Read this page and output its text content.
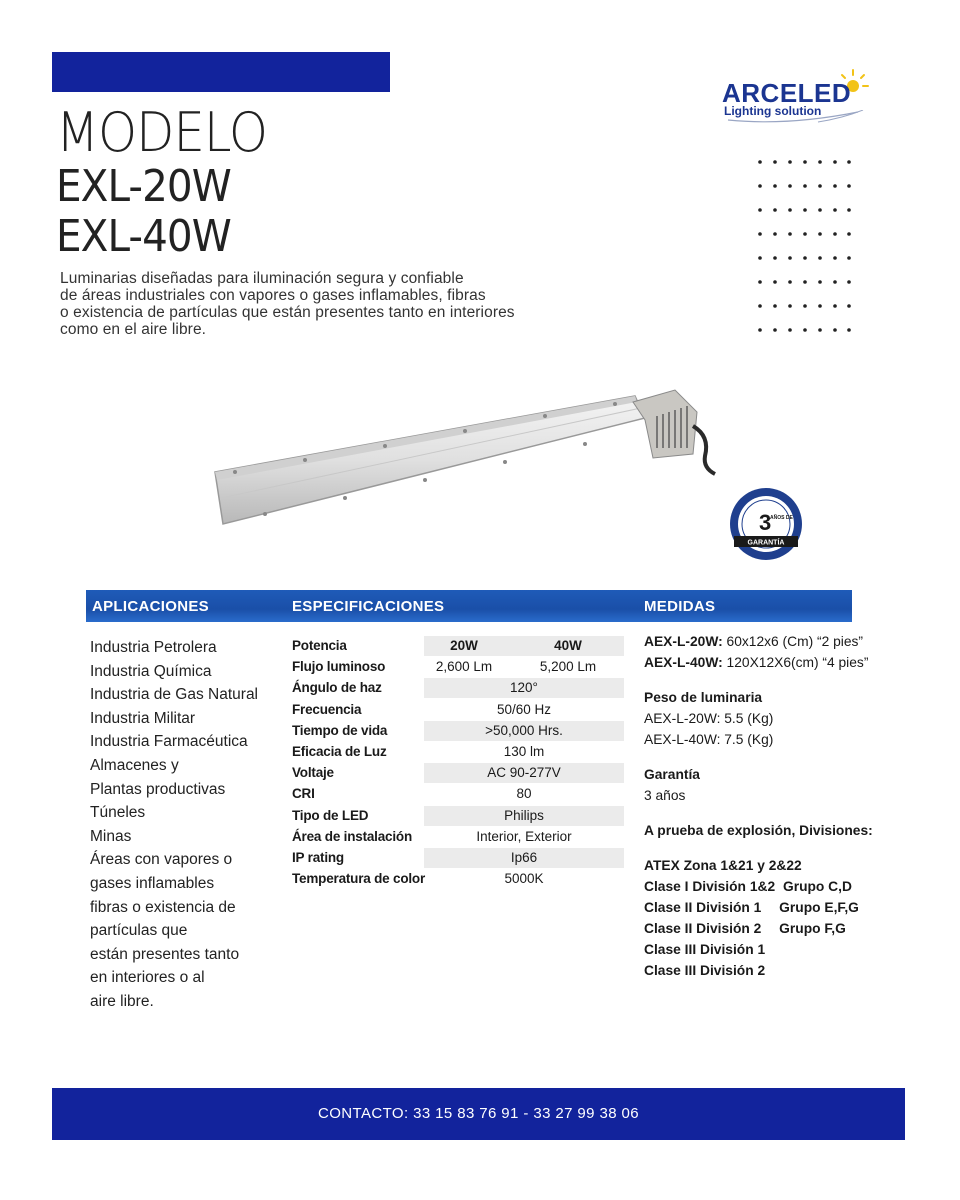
ARCELED
Lighting solution
MODELO
EXL-20W
EXL-40W
Luminarias diseñadas para iluminación segura y confiable
de áreas industriales con vapores o gases inflamables, fibras
o existencia de partículas que están presentes tanto en interiores
como en el aire libre.
3
AÑOS DE
GARANTÍA
APLICACIONES	ESPECIFICACIONES	MEDIDAS
Industria Petrolera
Industria Química
Industria de Gas Natural
Industria Militar
Industria Farmacéutica
Almacenes y
Plantas productivas
Túneles
Minas
Áreas con vapores o
gases inflamables
fibras o existencia de
partículas que
están presentes tanto
en interiores o al
aire libre.
Potencia	20W	40W
Flujo luminoso	2,600 Lm	5,200 Lm
Ángulo de haz	120°
Frecuencia	50/60 Hz
Tiempo de vida	>50,000 Hrs.
Eficacia de Luz	130 lm
Voltaje	AC 90-277V
CRI	80
Tipo de LED	Philips
Área de instalación	Interior, Exterior
IP rating	Ip66
Temperatura de color	5000K
AEX-L-20W: 60x12x6 (Cm) “2 pies”
AEX-L-40W: 120X12X6(cm) “4 pies”
Peso de luminaria
AEX-L-20W: 5.5 (Kg)
AEX-L-40W: 7.5 (Kg)
Garantía
3 años
A prueba de explosión, Divisiones:
ATEX Zona 1&21 y 2&22
Clase I División 1&2 Grupo C,D
Clase II División 1 Grupo E,F,G
Clase II División 2 Grupo F,G
Clase III División 1
Clase III División 2
CONTACTO: 33 15 83 76 91 - 33 27 99 38 06
